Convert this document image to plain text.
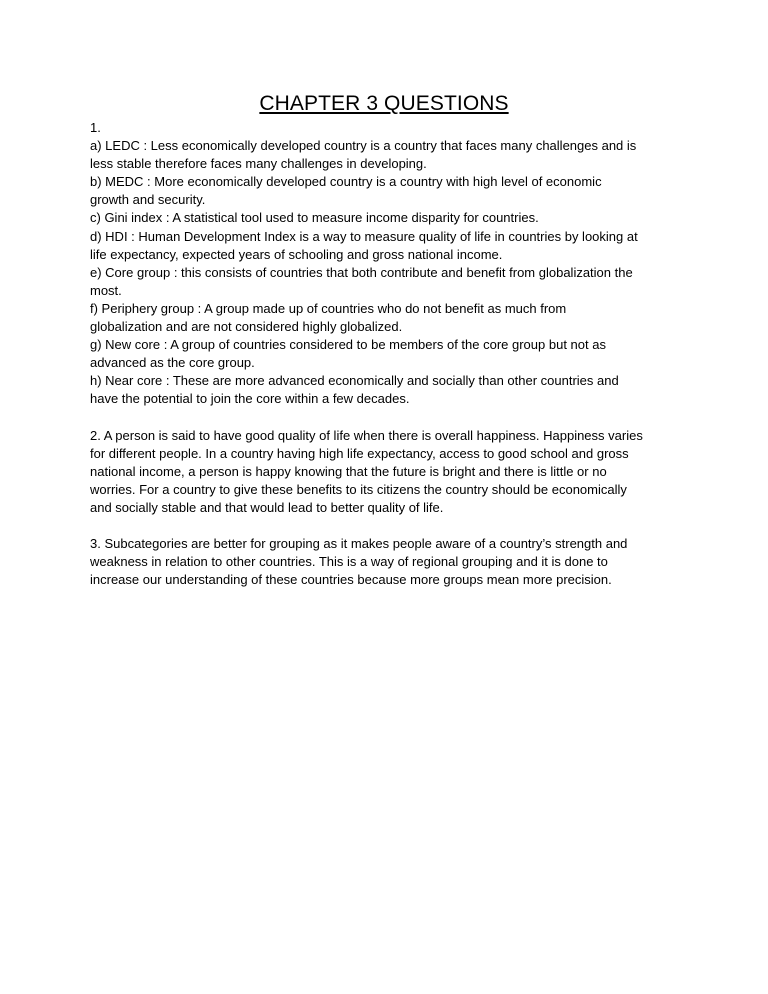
CHAPTER 3 QUESTIONS
1.
a) LEDC : Less economically developed country is a country that faces many challenges and is
less stable therefore faces many challenges in developing.
b) MEDC : More economically developed country is a country with high level of economic
growth and security.
c) Gini index : A statistical tool used to measure income disparity for countries.
d) HDI : Human Development Index is a way to measure quality of life in countries by looking at
life expectancy, expected years of schooling and gross national income.
e) Core group : this consists of countries that both contribute and benefit from globalization the
most.
f) Periphery group : A group made up of countries who do not benefit as much from
globalization and are not considered highly globalized.
g) New core : A group of countries considered to be members of the core group but not as
advanced as the core group.
h) Near core : These are more advanced economically and socially than other countries and
have the potential to join the core within a few decades.
2. A person is said to have good quality of life when there is overall happiness. Happiness varies
for different people. In a country having high life expectancy, access to good school and gross
national income, a person is happy knowing that the future is bright and there is little or no
worries. For a country to give these benefits to its citizens the country should be economically
and socially stable and that would lead to better quality of life.
3. Subcategories are better for grouping as it makes people aware of a country’s strength and
weakness in relation to other countries. This is a way of regional grouping and it is done to
increase our understanding of these countries because more groups mean more precision.
